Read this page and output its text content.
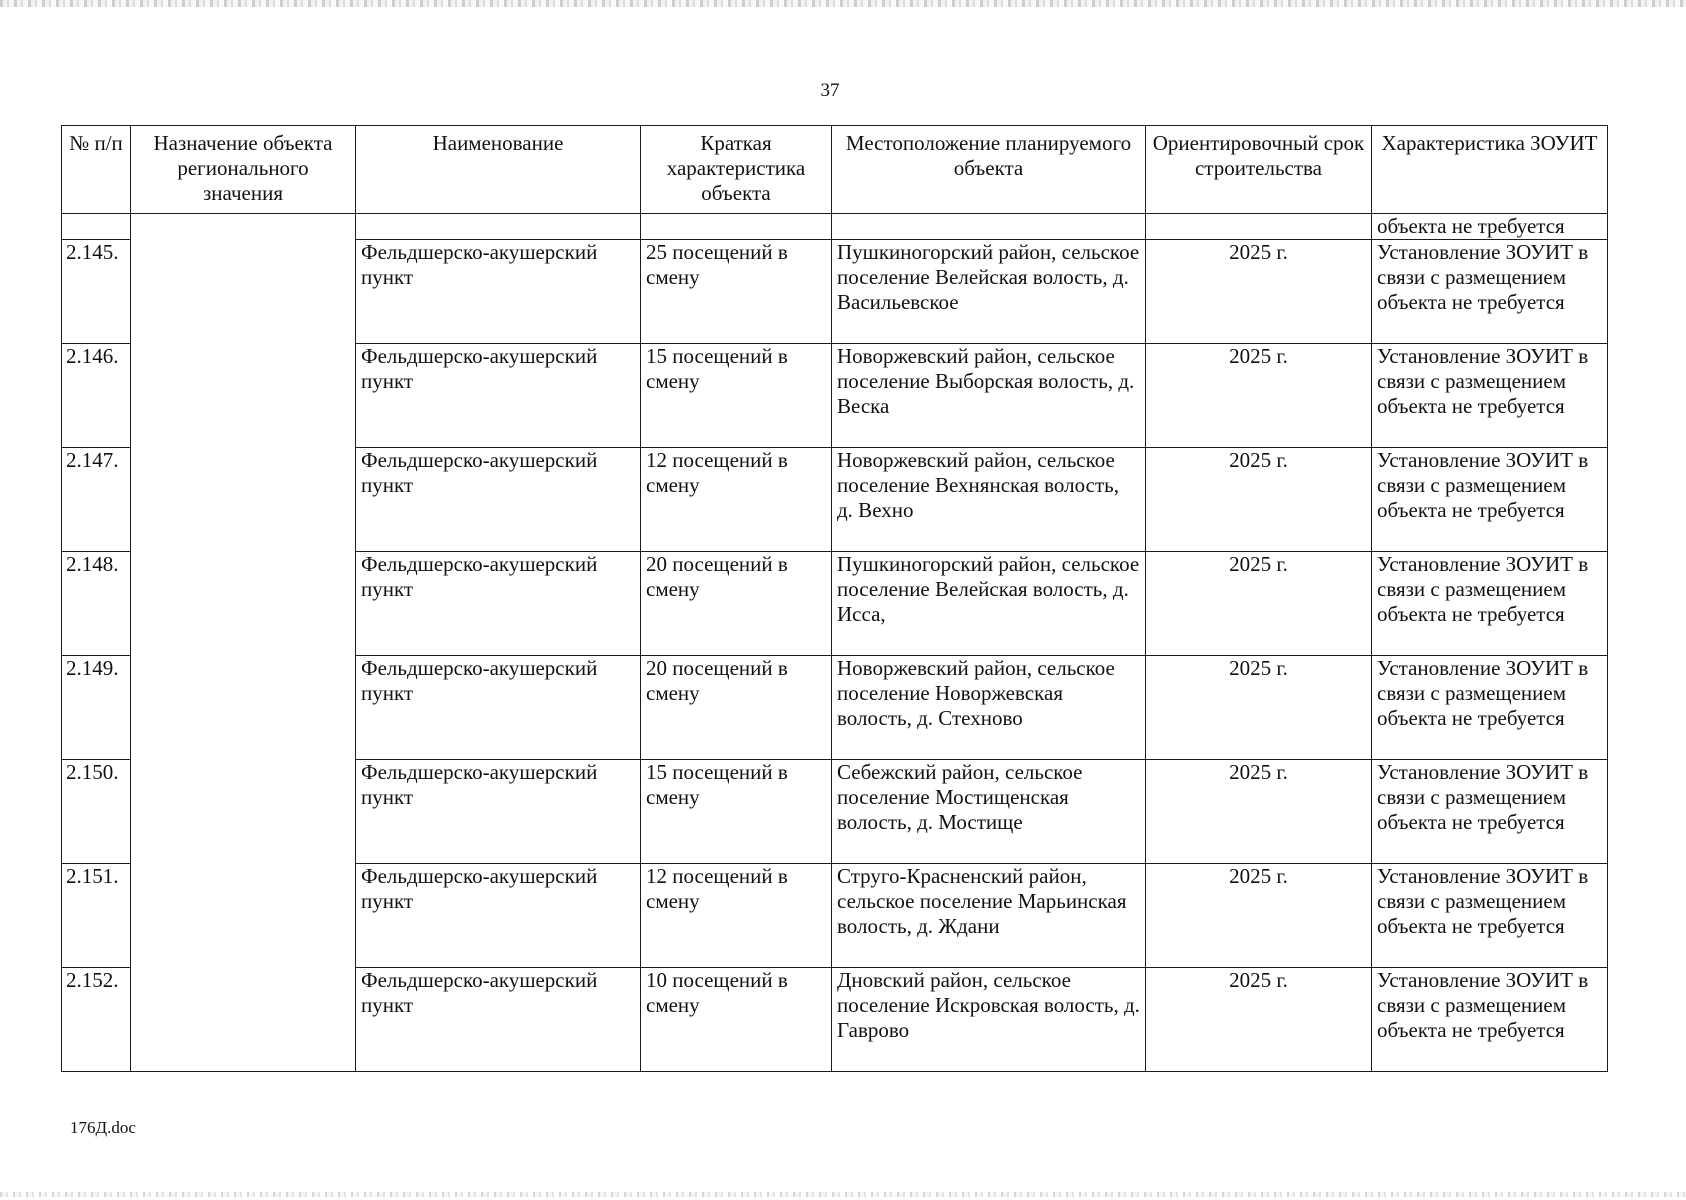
37
№ п/п	Назначение объекта регионального значения	Наименование	Краткая характеристика объекта	Местоположение планируемого объекта	Ориентировочный срок строительства	Характеристика ЗОУИТ
						объекта не требуется
2.145.		Фельдшерско-акушерский пункт	25 посещений в смену	Пушкиногорский район, сельское поселение Велейская волость, д. Васильевское	2025 г.	Установление ЗОУИТ в связи с размещением объекта не требуется
2.146.		Фельдшерско-акушерский пункт	15 посещений в смену	Новоржевский район, сельское поселение Выборская волость, д. Веска	2025 г.	Установление ЗОУИТ в связи с размещением объекта не требуется
2.147.		Фельдшерско-акушерский пункт	12 посещений в смену	Новоржевский район, сельское поселение Вехнянская волость, д. Вехно	2025 г.	Установление ЗОУИТ в связи с размещением объекта не требуется
2.148.		Фельдшерско-акушерский пункт	20 посещений в смену	Пушкиногорский район, сельское поселение Велейская волость, д. Исса,	2025 г.	Установление ЗОУИТ в связи с размещением объекта не требуется
2.149.		Фельдшерско-акушерский пункт	20 посещений в смену	Новоржевский район, сельское поселение Новоржевская волость, д. Стехново	2025 г.	Установление ЗОУИТ в связи с размещением объекта не требуется
2.150.		Фельдшерско-акушерский пункт	15 посещений в смену	Себежский район, сельское поселение Мостищенская волость, д. Мостище	2025 г.	Установление ЗОУИТ в связи с размещением объекта не требуется
2.151.		Фельдшерско-акушерский пункт	12 посещений в смену	Струго-Красненский район, сельское поселение Марьинская волость, д. Ждани	2025 г.	Установление ЗОУИТ в связи с размещением объекта не требуется
2.152.		Фельдшерско-акушерский пункт	10 посещений в смену	Дновский район, сельское поселение Искровская волость, д. Гаврово	2025 г.	Установление ЗОУИТ в связи с размещением объекта не требуется
176Д.doc
